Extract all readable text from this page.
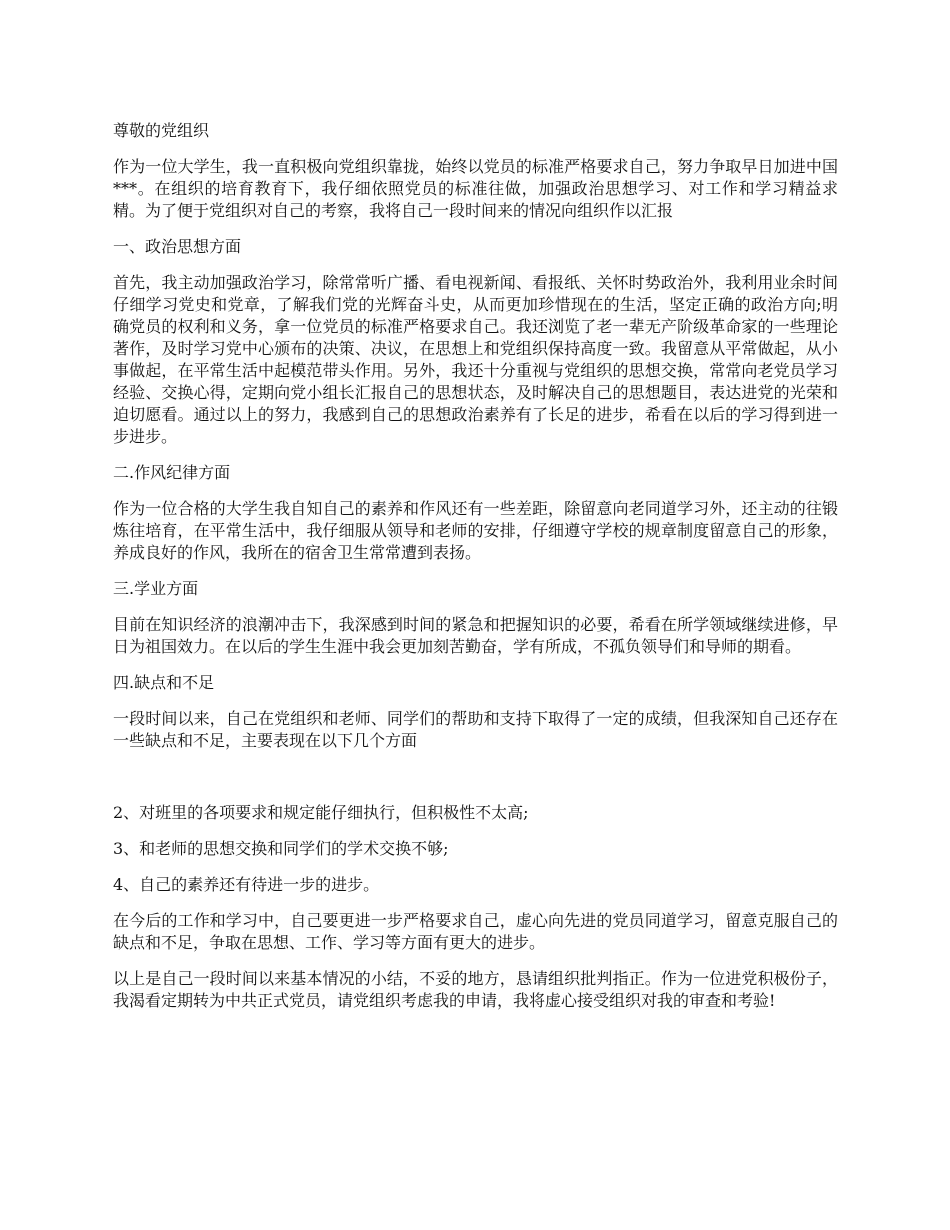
尊敬的党组织

作为一位大学生，我一直积极向党组织靠拢，始终以党员的标准严格要求自己，努力争取早日加进中国***。在组织的培育教育下，我仔细依照党员的标准往做，加强政治思想学习、对工作和学习精益求精。为了便于党组织对自己的考察，我将自己一段时间来的情况向组织作以汇报

一、政治思想方面

首先，我主动加强政治学习，除常常听广播、看电视新闻、看报纸、关怀时势政治外，我利用业余时间仔细学习党史和党章，了解我们党的光辉奋斗史，从而更加珍惜现在的生活，坚定正确的政治方向;明确党员的权利和义务，拿一位党员的标准严格要求自己。我还浏览了老一辈无产阶级革命家的一些理论著作，及时学习党中心颁布的决策、决议，在思想上和党组织保持高度一致。我留意从平常做起，从小事做起，在平常生活中起模范带头作用。另外，我还十分重视与党组织的思想交换，常常向老党员学习经验、交换心得，定期向党小组长汇报自己的思想状态，及时解决自己的思想题目，表达进党的光荣和迫切愿看。通过以上的努力，我感到自己的思想政治素养有了长足的进步，希看在以后的学习得到进一步进步。

二.作风纪律方面

作为一位合格的大学生我自知自己的素养和作风还有一些差距，除留意向老同道学习外，还主动的往锻炼往培育，在平常生活中，我仔细服从领导和老师的安排，仔细遵守学校的规章制度留意自己的形象，养成良好的作风，我所在的宿舍卫生常常遭到表扬。

三.学业方面

目前在知识经济的浪潮冲击下，我深感到时间的紧急和把握知识的必要，希看在所学领域继续进修，早日为祖国效力。在以后的学生生涯中我会更加刻苦勤奋，学有所成，不孤负领导们和导师的期看。

四.缺点和不足

一段时间以来，自己在党组织和老师、同学们的帮助和支持下取得了一定的成绩，但我深知自己还存在一些缺点和不足，主要表现在以下几个方面

2、对班里的各项要求和规定能仔细执行，但积极性不太高;

3、和老师的思想交换和同学们的学术交换不够;

4、自己的素养还有待进一步的进步。

在今后的工作和学习中，自己要更进一步严格要求自己，虚心向先进的党员同道学习，留意克服自己的缺点和不足，争取在思想、工作、学习等方面有更大的进步。

以上是自己一段时间以来基本情况的小结，不妥的地方，恳请组织批判指正。作为一位进党积极份子，我渴看定期转为中共正式党员，请党组织考虑我的申请，我将虚心接受组织对我的审查和考验!
